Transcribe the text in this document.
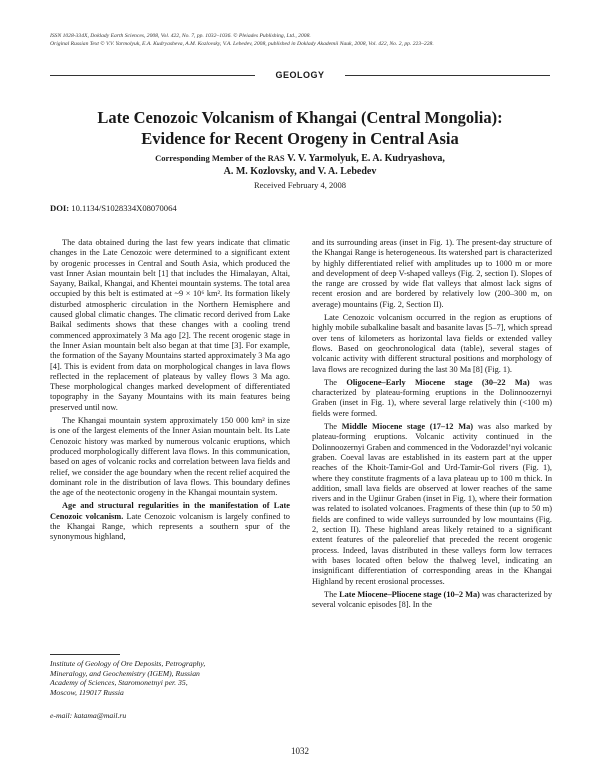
ISSN 1028-334X, Doklady Earth Sciences, 2008, Vol. 422, No. 7, pp. 1032–1036. © Pleiades Publishing, Ltd., 2008.
Original Russian Text © V.V. Yarmolyuk, E.A. Kudryasheva, A.M. Kozlovsky, V.A. Lebedev, 2008, published in Doklady Akademii Nauk, 2008, Vol. 422, No. 2, pp. 223–228.
GEOLOGY
Late Cenozoic Volcanism of Khangai (Central Mongolia):
Evidence for Recent Orogeny in Central Asia
Corresponding Member of the RAS V. V. Yarmolyuk, E. A. Kudryashova,
A. M. Kozlovsky, and V. A. Lebedev
Received February 4, 2008
DOI: 10.1134/S1028334X08070064

The data obtained during the last few years indicate that climatic changes in the Late Cenozoic were determined to a significant extent by orogenic processes in Central and South Asia, which produced the vast Inner Asian mountain belt [1] that includes the Himalayan, Altai, Sayany, Baikal, Khangai, and Khentei mountain systems. The total area occupied by this belt is estimated at ~9 × 10⁶ km². Its formation likely disturbed atmospheric circulation in the Northern Hemisphere and caused global climatic changes. The climatic record derived from Lake Baikal sediments shows that these changes with a cooling trend commenced approximately 3 Ma ago [2]. The recent orogenic stage in the Inner Asian mountain belt also began at that time [3]. For example, the formation of the Sayany Mountains started approximately 3 Ma ago [4]. This is evident from data on morphological changes in lava flows reflected in the replacement of plateaus by valley flows 3 Ma ago. These morphological changes marked development of differentiated topography in the Sayany Mountains with its main features being preserved until now.

The Khangai mountain system approximately 150 000 km² in size is one of the largest elements of the Inner Asian mountain belt. Its Late Cenozoic history was marked by numerous volcanic eruptions, which produced morphologically different lava flows. In this communication, based on ages of volcanic rocks and correlation between lava fields and relief, we consider the age boundary when the recent relief acquired the dominant role in the distribution of lava flows. This boundary defines the age of the neotectonic orogeny in the Khangai mountain system.

Age and structural regularities in the manifestation of Late Cenozoic volcanism. Late Cenozoic volcanism is largely confined to the Khangai Range, which represents a southern spur of the synonymous highland,

and its surrounding areas (inset in Fig. 1). The present-day structure of the Khangai Range is heterogeneous. Its watershed part is characterized by highly differentiated relief with amplitudes up to 1000 m or more and development of deep V-shaped valleys (Fig. 2, section I). Slopes of the range are crossed by wide flat valleys that almost lack signs of recent erosion and are bordered by relatively low (200–300 m, on average) mountains (Fig. 2, Section II).

Late Cenozoic volcanism occurred in the region as eruptions of highly mobile subalkaline basalt and basanite lavas [5–7], which spread over tens of kilometers as horizontal lava fields or extended valley flows. Based on geochronological data (table), several stages of volcanic activity with different structural positions and morphology of lava flows are recognized during the last 30 Ma [8] (Fig. 1).

The Oligocene–Early Miocene stage (30–22 Ma) was characterized by plateau-forming eruptions in the Dolinnoozernyi Graben (inset in Fig. 1), where several large relatively thin (<100 m) fields were formed.

The Middle Miocene stage (17–12 Ma) was also marked by plateau-forming eruptions. Volcanic activity continued in the Dolinnoozernyi Graben and commenced in the Vodorazdel’nyi volcanic graben. Coeval lavas are established in its eastern part at the upper reaches of the Khoit-Tamir-Gol and Urd-Tamir-Gol rivers (Fig. 1), where they constitute fragments of a lava plateau up to 100 m thick. In addition, small lava fields are observed at lower reaches of the same rivers and in the Ugiinur Graben (inset in Fig. 1), where their formation was related to isolated volcanoes. Fragments of these thin (up to 50 m) fields are confined to wide valleys surrounded by low mountains (Fig. 2, section II). These highland areas likely retained to a significant extent features of the paleorelief that preceded the recent orogenic process. Indeed, lavas distributed in these valleys form low terraces with bases located often below the thalweg level, indicating an insignificant differentiation of corresponding areas in the Khangai Highland by recent erosional processes.

The Late Miocene–Pliocene stage (10–2 Ma) was characterized by several volcanic episodes [8]. In the

Institute of Geology of Ore Deposits, Petrography,
Mineralogy, and Geochemistry (IGEM), Russian
Academy of Sciences, Staromonetnyi per. 35,
Moscow, 119017 Russia
e-mail: katama@mail.ru
1032
